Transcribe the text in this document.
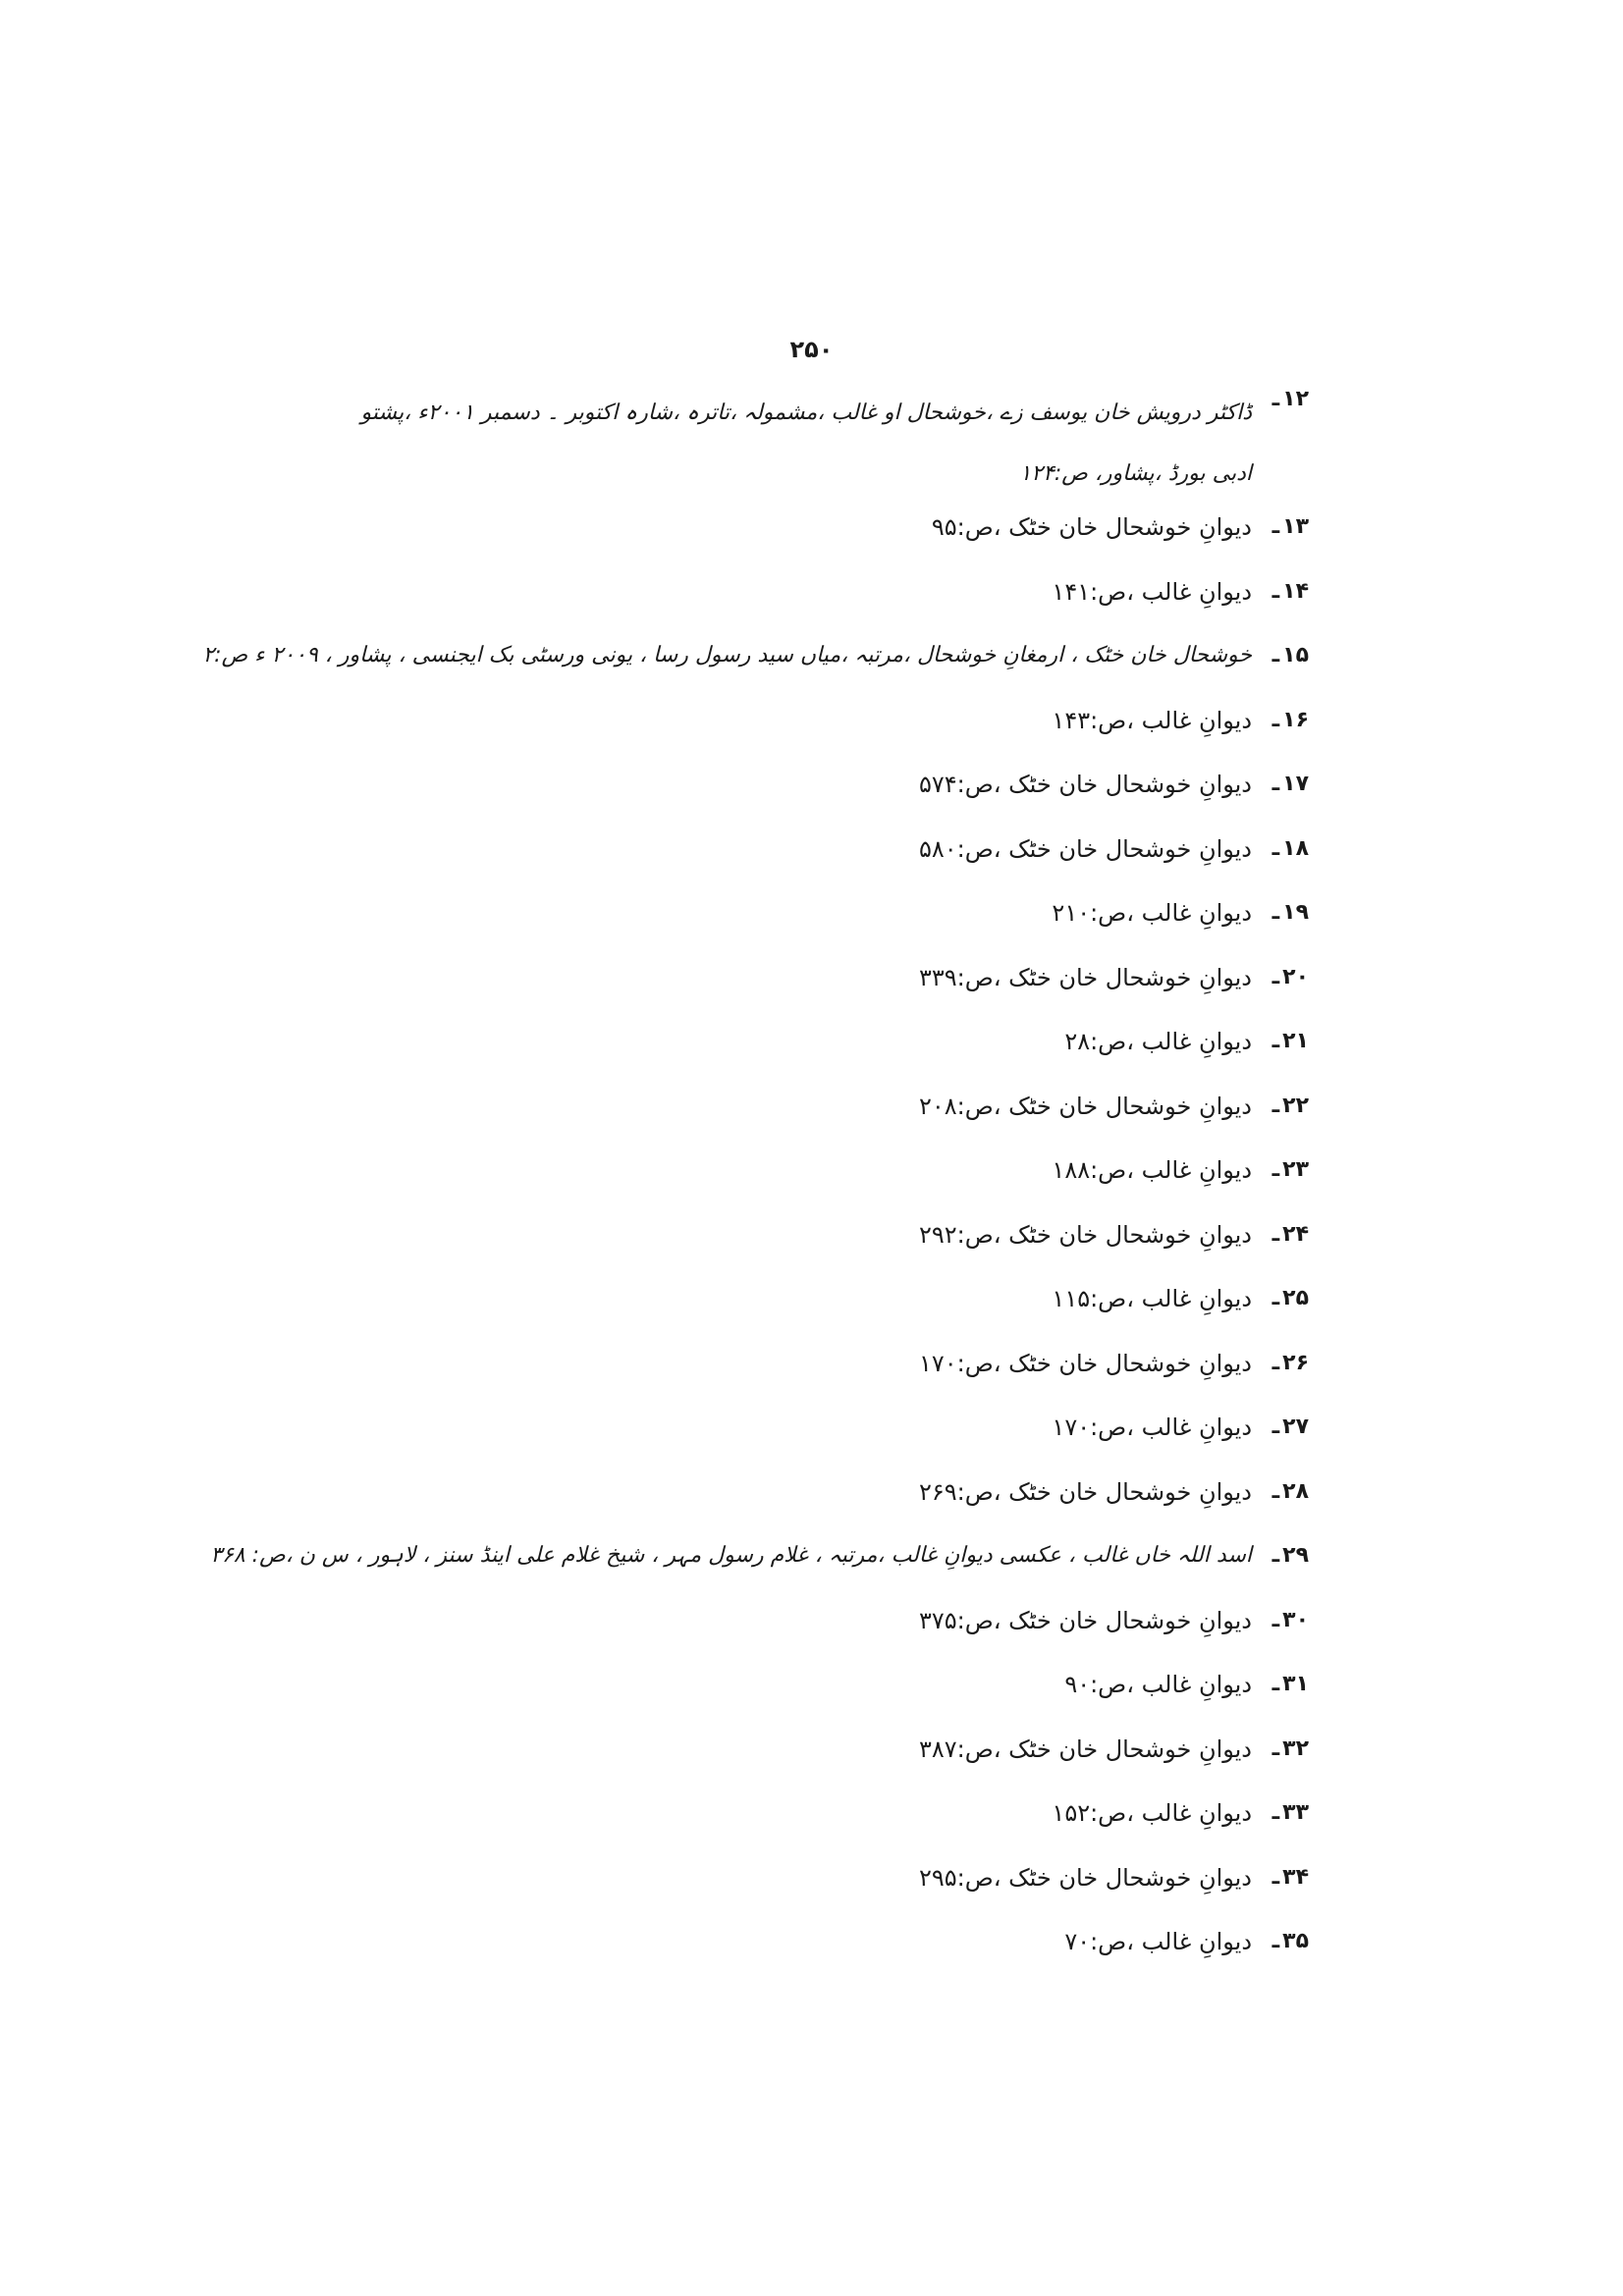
۲۵۰
۱۲ ـ
ڈاکٹر درویش خان یوسف زے ،خوشحال او غالب ،مشمولہ ،تاترہ ،شارہ اکتوبر ۔ دسمبر ۲۰۰۱ء ،پشتو ادبی بورڈ ،پشاور، ص:۱۲۴
۱۳ ـ
دیوانِ خوشحال خان خٹک ،ص:۹۵
۱۴ ـ
دیوانِ غالب ،ص:۱۴۱
۱۵ ـ
خوشحال خان خٹک ، ارمغانِ خوشحال ،مرتبہ ،میاں سید رسول رسا ، یونی ورسٹی بک ایجنسی ، پشاور ، ۲۰۰۹ ء ص:۲
۱۶ ـ
دیوانِ غالب ،ص:۱۴۳
۱۷ ـ
دیوانِ خوشحال خان خٹک ،ص:۵۷۴
۱۸ ـ
دیوانِ خوشحال خان خٹک ،ص:۵۸۰
۱۹ ـ
دیوانِ غالب ،ص:۲۱۰
۲۰ ـ
دیوانِ خوشحال خان خٹک ،ص:۳۳۹
۲۱ ـ
دیوانِ غالب ،ص:۲۸
۲۲ ـ
دیوانِ خوشحال خان خٹک ،ص:۲۰۸
۲۳ ـ
دیوانِ غالب ،ص:۱۸۸
۲۴ ـ
دیوانِ خوشحال خان خٹک ،ص:۲۹۲
۲۵ ـ
دیوانِ غالب ،ص:۱۱۵
۲۶ ـ
دیوانِ خوشحال خان خٹک ،ص:۱۷۰
۲۷ ـ
دیوانِ غالب ،ص:۱۷۰
۲۸ ـ
دیوانِ خوشحال خان خٹک ،ص:۲۶۹
۲۹ ـ
اسد اللہ خاں غالب ، عکسی دیوانِ غالب ،مرتبہ ، غلام رسول مہر ، شیخ غلام علی اینڈ سنز ، لاہور ، س ن ،ص: ۳۶۸
۳۰ ـ
دیوانِ خوشحال خان خٹک ،ص:۳۷۵
۳۱ ـ
دیوانِ غالب ،ص:۹۰
۳۲ ـ
دیوانِ خوشحال خان خٹک ،ص:۳۸۷
۳۳ ـ
دیوانِ غالب ،ص:۱۵۲
۳۴ ـ
دیوانِ خوشحال خان خٹک ،ص:۲۹۵
۳۵ ـ
دیوانِ غالب ،ص:۷۰
